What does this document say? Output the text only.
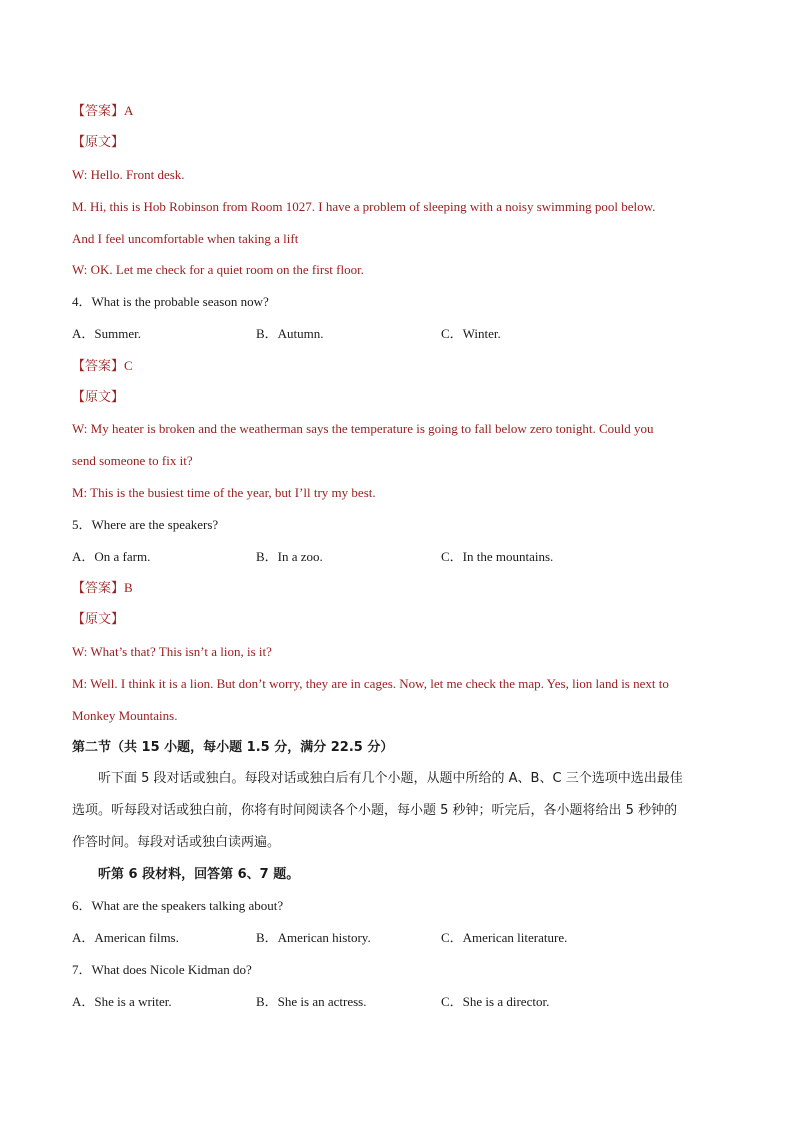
【答案】A
【原文】
W: Hello. Front desk.
M. Hi, this is Hob Robinson from Room 1027. I have a problem of sleeping with a noisy swimming pool below.
And I feel uncomfortable when taking a lift
W: OK. Let me check for a quiet room on the first floor.
4．What is the probable season now?
A．Summer.	B．Autumn.	C．Winter.
【答案】C
【原文】
W: My heater is broken and the weatherman says the temperature is going to fall below zero tonight. Could you
send someone to fix it?
M: This is the busiest time of the year, but I’ll try my best.
5．Where are the speakers?
A．On a farm.	B．In a zoo.	C．In the mountains.
【答案】B
【原文】
W: What’s that? This isn’t a lion, is it?
M: Well. I think it is a lion. But don’t worry, they are in cages. Now, let me check the map. Yes, lion land is next to
Monkey Mountains.
第二节（共 15 小题，每小题 1.5 分，满分 22.5 分）
听下面 5 段对话或独白。每段对话或独白后有几个小题，从题中所给的 A、B、C 三个选项中选出最佳
选项。听每段对话或独白前，你将有时间阅读各个小题，每小题 5 秒钟；听完后，各小题将给出 5 秒钟的
作答时间。每段对话或独白读两遍。
听第 6 段材料，回答第 6、7 题。
6．What are the speakers talking about?
A．American films.	B．American history.	C．American literature.
7．What does Nicole Kidman do?
A．She is a writer.	B．She is an actress.	C．She is a director.
